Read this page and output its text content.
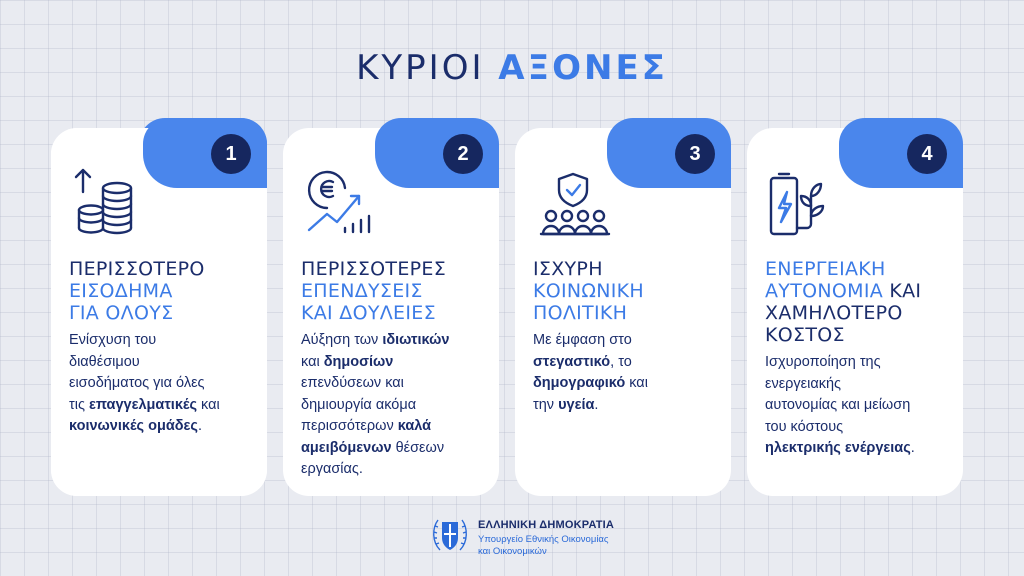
ΚΥΡΙΟΙ ΑΞΟΝΕΣ
1
ΠΕΡΙΣΣΟΤΕΡΟ
ΕΙΣΟΔΗΜΑ
ΓΙΑ ΟΛΟΥΣ
Ενίσχυση του
διαθέσιμου
εισοδήματος για όλες
τις επαγγελματικές και
κοινωνικές ομάδες.
2
ΠΕΡΙΣΣΟΤΕΡΕΣ
ΕΠΕΝΔΥΣΕΙΣ
ΚΑΙ ΔΟΥΛΕΙΕΣ
Αύξηση των ιδιωτικών
και δημοσίων
επενδύσεων και
δημιουργία ακόμα
περισσότερων καλά
αμειβόμενων θέσεων
εργασίας.
3
ΙΣΧΥΡΗ
ΚΟΙΝΩΝΙΚΗ
ΠΟΛΙΤΙΚΗ
Με έμφαση στο
στεγαστικό, το
δημογραφικό και
την υγεία.
4
ΕΝΕΡΓΕΙΑΚΗ
ΑΥΤΟΝΟΜΙΑ ΚΑΙ
ΧΑΜΗΛΟΤΕΡΟ
ΚΟΣΤΟΣ
Ισχυροποίηση της
ενεργειακής
αυτονομίας και μείωση
του κόστους
ηλεκτρικής ενέργειας.
ΕΛΛΗΝΙΚΗ ΔΗΜΟΚΡΑΤΙΑ
Υπουργείο Εθνικής Οικονομίας
και Οικονομικών
